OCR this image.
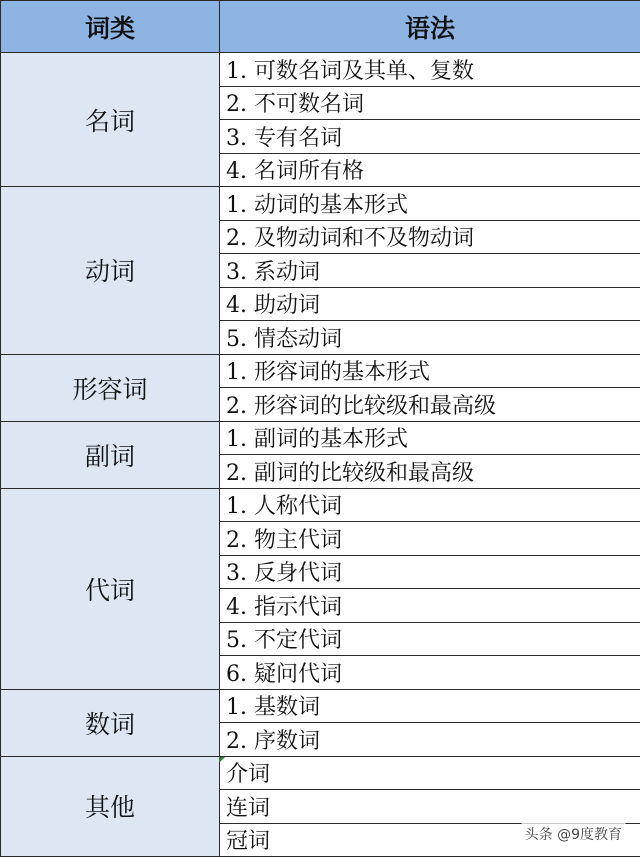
词类	语法
名词	1. 可数名词及其单、复数
	2. 不可数名词
	3. 专有名词
	4. 名词所有格
动词	1. 动词的基本形式
	2. 及物动词和不及物动词
	3. 系动词
	4. 助动词
	5. 情态动词
形容词	1. 形容词的基本形式
	2. 形容词的比较级和最高级
副词	1. 副词的基本形式
	2. 副词的比较级和最高级
代词	1. 人称代词
	2. 物主代词
	3. 反身代词
	4. 指示代词
	5. 不定代词
	6. 疑问代词
数词	1. 基数词
	2. 序数词
其他	介词
	连词
	冠词	头条 @9度教育
